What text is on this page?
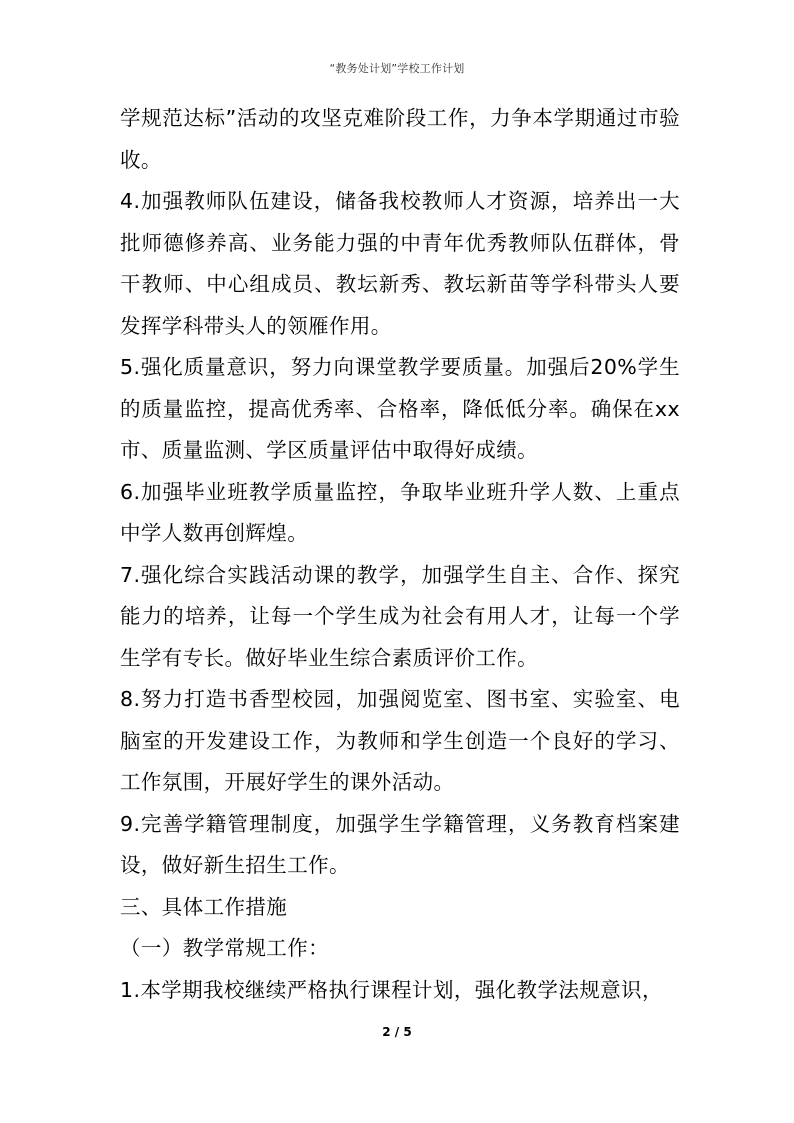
“教务处计划”学校工作计划

学规范达标”活动的攻坚克难阶段工作，力争本学期通过市验收。

4.加强教师队伍建设，储备我校教师人才资源，培养出一大批师德修养高、业务能力强的中青年优秀教师队伍群体，骨干教师、中心组成员、教坛新秀、教坛新苗等学科带头人要发挥学科带头人的领雁作用。

5.强化质量意识，努力向课堂教学要质量。加强后20%学生的质量监控，提高优秀率、合格率，降低低分率。确保在xx市、质量监测、学区质量评估中取得好成绩。

6.加强毕业班教学质量监控，争取毕业班升学人数、上重点中学人数再创辉煌。

7.强化综合实践活动课的教学，加强学生自主、合作、探究能力的培养，让每一个学生成为社会有用人才，让每一个学生学有专长。做好毕业生综合素质评价工作。

8.努力打造书香型校园，加强阅览室、图书室、实验室、电脑室的开发建设工作，为教师和学生创造一个良好的学习、工作氛围，开展好学生的课外活动。

9.完善学籍管理制度，加强学生学籍管理，义务教育档案建设，做好新生招生工作。

三、具体工作措施

（一）教学常规工作：

1.本学期我校继续严格执行课程计划，强化教学法规意识，

2 / 5
